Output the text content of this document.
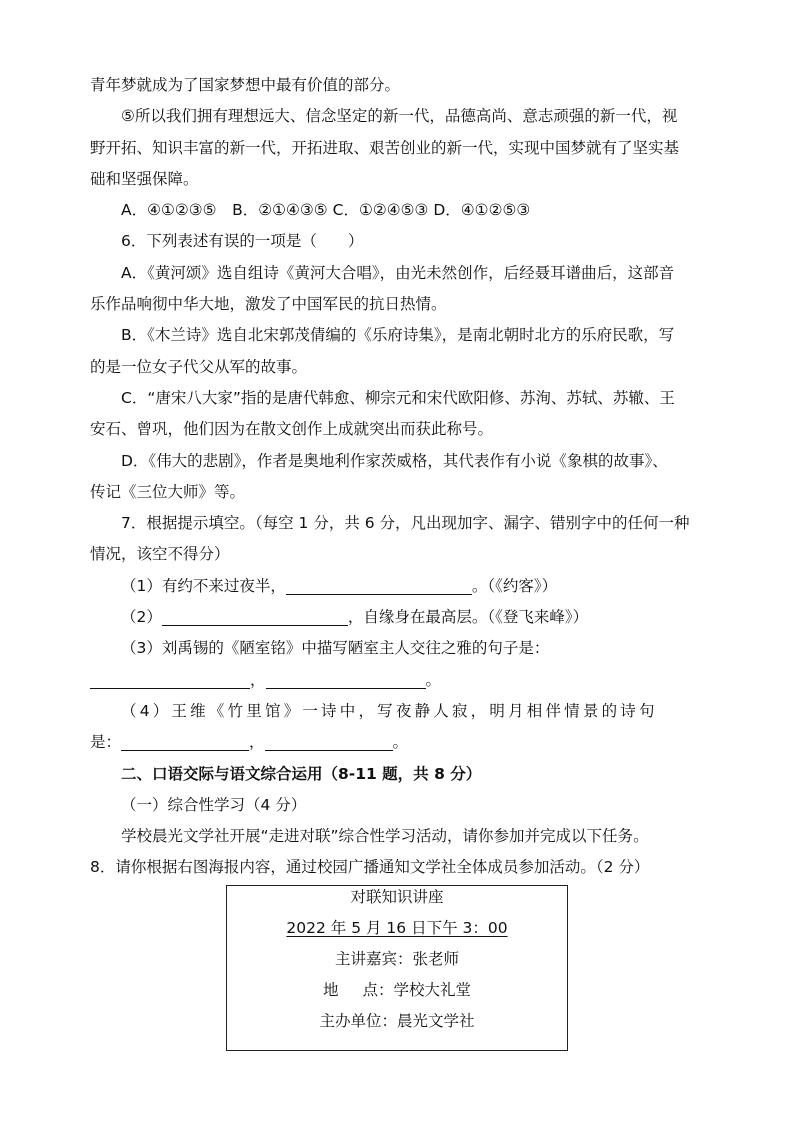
青年梦就成为了国家梦想中最有价值的部分。
⑤所以我们拥有理想远大、信念坚定的新一代，品德高尚、意志顽强的新一代，视
野开拓、知识丰富的新一代，开拓进取、艰苦创业的新一代，实现中国梦就有了坚实基
础和坚强保障。
A．④①②③⑤　B．②①④③⑤ C．①②④⑤③ D．④①②⑤③
6．下列表述有误的一项是（　　）
A．《黄河颂》选自组诗《黄河大合唱》，由光未然创作，后经聂耳谱曲后，这部音
乐作品响彻中华大地，激发了中国军民的抗日热情。
B．《木兰诗》选自北宋郭茂倩编的《乐府诗集》，是南北朝时北方的乐府民歌，写
的是一位女子代父从军的故事。
C．“唐宋八大家”指的是唐代韩愈、柳宗元和宋代欧阳修、苏洵、苏轼、苏辙、王
安石、曾巩，他们因为在散文创作上成就突出而获此称号。
D．《伟大的悲剧》，作者是奥地利作家茨威格，其代表作有小说《象棋的故事》、
传记《三位大师》等。
7．根据提示填空。（每空 1 分，共 6 分，凡出现加字、漏字、错别字中的任何一种
情况，该空不得分）
（1）有约不来过夜半，	。（《约客》）
（2）	，自缘身在最高层。（《登飞来峰》）
（3）刘禹锡的《陋室铭》中描写陋室主人交往之雅的句子是：
，	。
（4）王维《竹里馆》一诗中，写夜静人寂，明月相伴情景的诗句
是：	，	。
二、口语交际与语文综合运用（8-11 题，共 8 分）
（一）综合性学习（4 分）
学校晨光文学社开展“走进对联”综合性学习活动，请你参加并完成以下任务。
8．请你根据右图海报内容，通过校园广播通知文学社全体成员参加活动。（2 分）
对联知识讲座
2022 年 5 月 16 日下午 3：00
主讲嘉宾：张老师
地 点：学校大礼堂
主办单位：晨光文学社
